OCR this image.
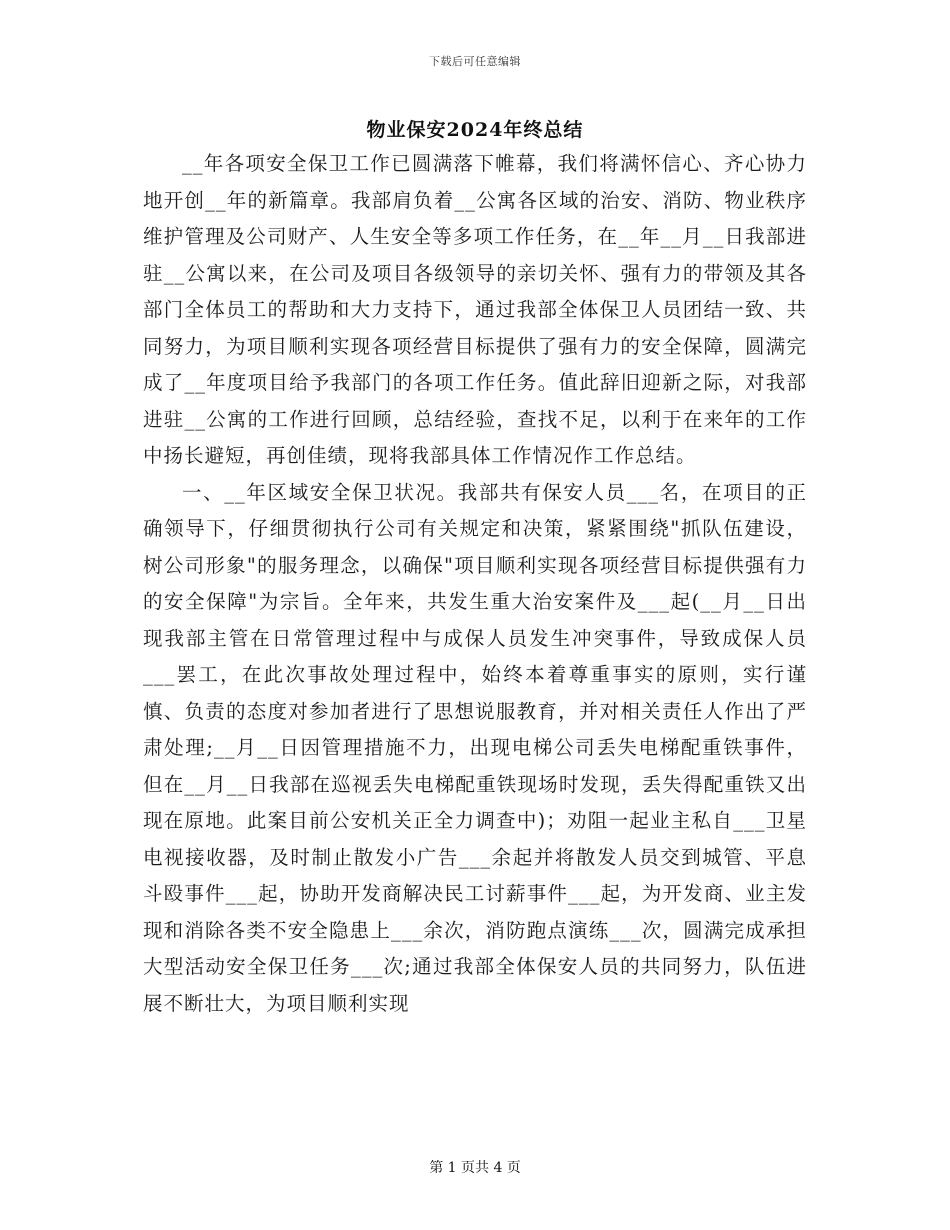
下载后可任意编辑
物业保安2024年终总结

__年各项安全保卫工作已圆满落下帷幕，我们将满怀信心、齐心协力地开创__年的新篇章。我部肩负着__公寓各区域的治安、消防、物业秩序维护管理及公司财产、人生安全等多项工作任务，在__年__月__日我部进驻__公寓以来，在公司及项目各级领导的亲切关怀、强有力的带领及其各部门全体员工的帮助和大力支持下，通过我部全体保卫人员团结一致、共同努力，为项目顺利实现各项经营目标提供了强有力的安全保障，圆满完成了__年度项目给予我部门的各项工作任务。值此辞旧迎新之际，对我部进驻__公寓的工作进行回顾，总结经验，查找不足，以利于在来年的工作中扬长避短，再创佳绩，现将我部具体工作情况作工作总结。

一、__年区域安全保卫状况。我部共有保安人员___名，在项目的正确领导下，仔细贯彻执行公司有关规定和决策，紧紧围绕"抓队伍建设，树公司形象"的服务理念，以确保"项目顺利实现各项经营目标提供强有力的安全保障"为宗旨。全年来，共发生重大治安案件及___起(__月__日出现我部主管在日常管理过程中与成保人员发生冲突事件，导致成保人员___罢工，在此次事故处理过程中，始终本着尊重事实的原则，实行谨慎、负责的态度对参加者进行了思想说服教育，并对相关责任人作出了严肃处理;__月__日因管理措施不力，出现电梯公司丢失电梯配重铁事件，但在__月__日我部在巡视丢失电梯配重铁现场时发现，丢失得配重铁又出现在原地。此案目前公安机关正全力调查中)；劝阻一起业主私自___卫星电视接收器，及时制止散发小广告___余起并将散发人员交到城管、平息斗殴事件___起，协助开发商解决民工讨薪事件___起，为开发商、业主发现和消除各类不安全隐患上___余次，消防跑点演练___次，圆满完成承担大型活动安全保卫任务___次;通过我部全体保安人员的共同努力，队伍进展不断壮大，为项目顺利实现

第 1 页共 4 页
